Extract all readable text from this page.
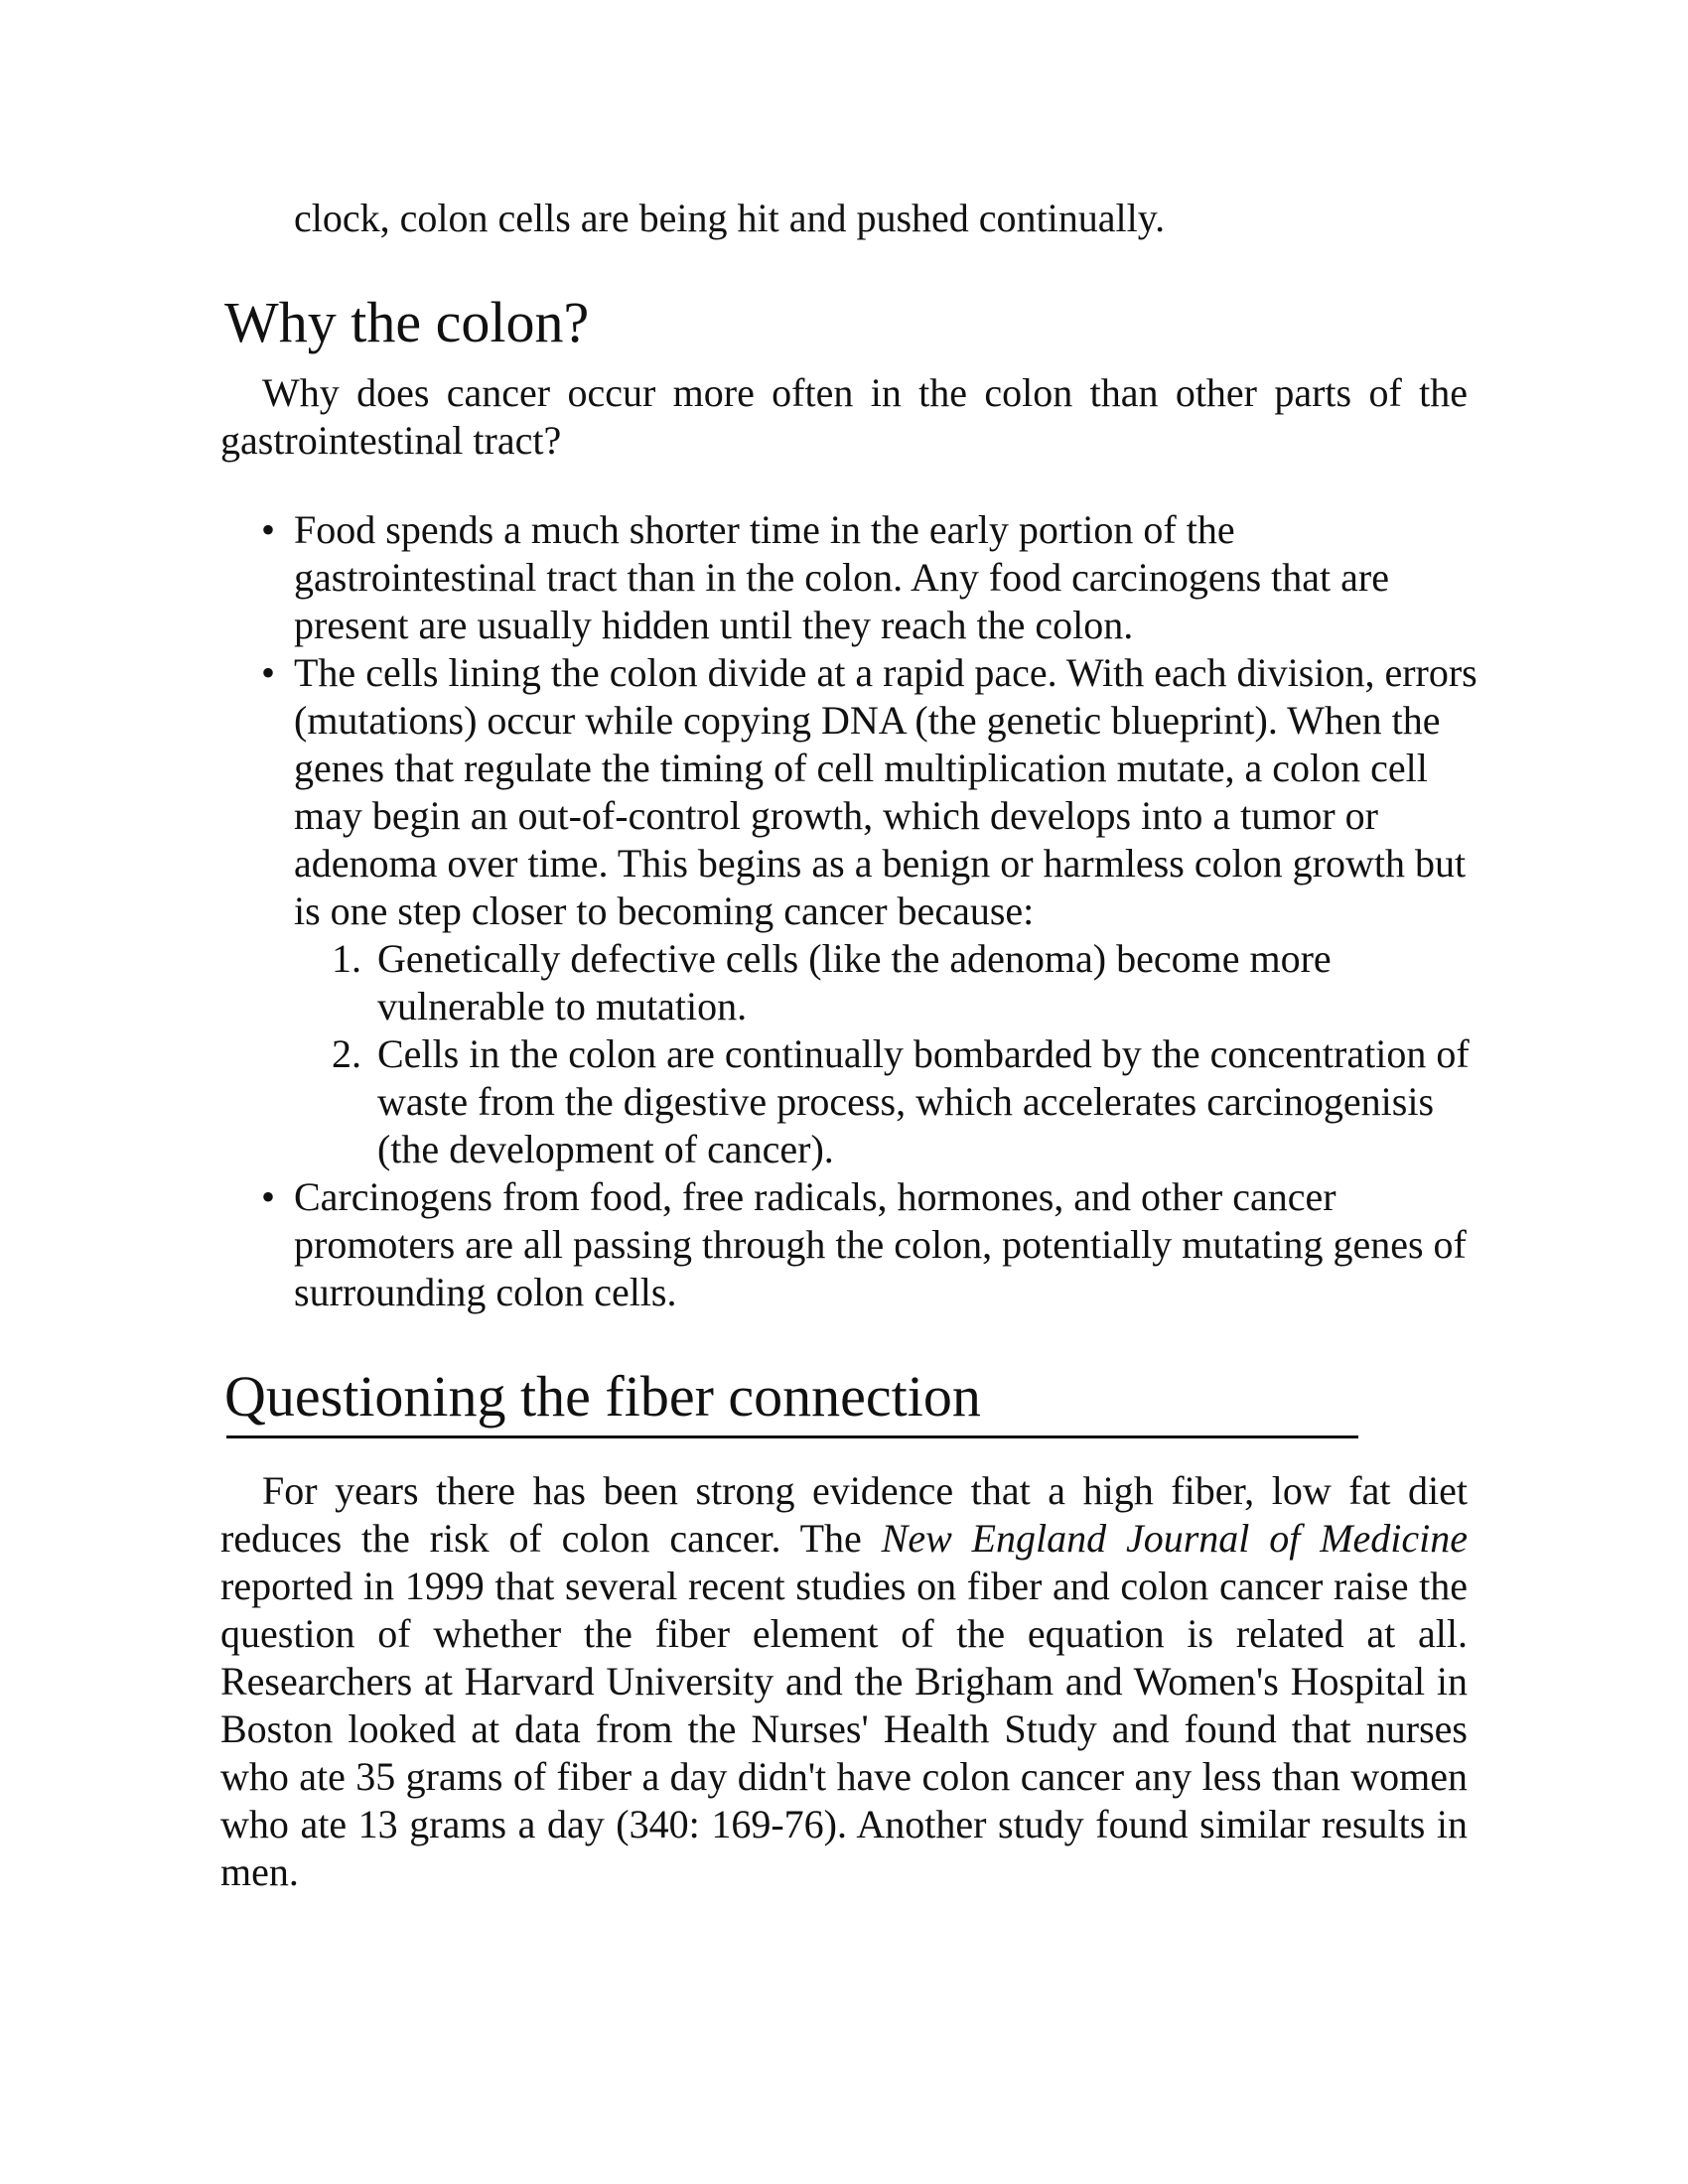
clock, colon cells are being hit and pushed continually.
Why the colon?

Why does cancer occur more often in the colon than other parts of the gastrointestinal tract?

• Food spends a much shorter time in the early portion of the gastrointestinal tract than in the colon. Any food carcinogens that are present are usually hidden until they reach the colon.
• The cells lining the colon divide at a rapid pace. With each division, errors (mutations) occur while copying DNA (the genetic blueprint). When the genes that regulate the timing of cell multiplication mutate, a colon cell may begin an out-of-control growth, which develops into a tumor or adenoma over time. This begins as a benign or harmless colon growth but is one step closer to becoming cancer because:
1. Genetically defective cells (like the adenoma) become more vulnerable to mutation.
2. Cells in the colon are continually bombarded by the concentration of waste from the digestive process, which accelerates carcinogenisis (the development of cancer).
• Carcinogens from food, free radicals, hormones, and other cancer promoters are all passing through the colon, potentially mutating genes of surrounding colon cells.
Questioning the fiber connection

For years there has been strong evidence that a high fiber, low fat diet reduces the risk of colon cancer. The New England Journal of Medicine reported in 1999 that several recent studies on fiber and colon cancer raise the question of whether the fiber element of the equation is related at all. Researchers at Harvard University and the Brigham and Women's Hospital in Boston looked at data from the Nurses' Health Study and found that nurses who ate 35 grams of fiber a day didn't have colon cancer any less than women who ate 13 grams a day (340: 169-76). Another study found similar results in men.
